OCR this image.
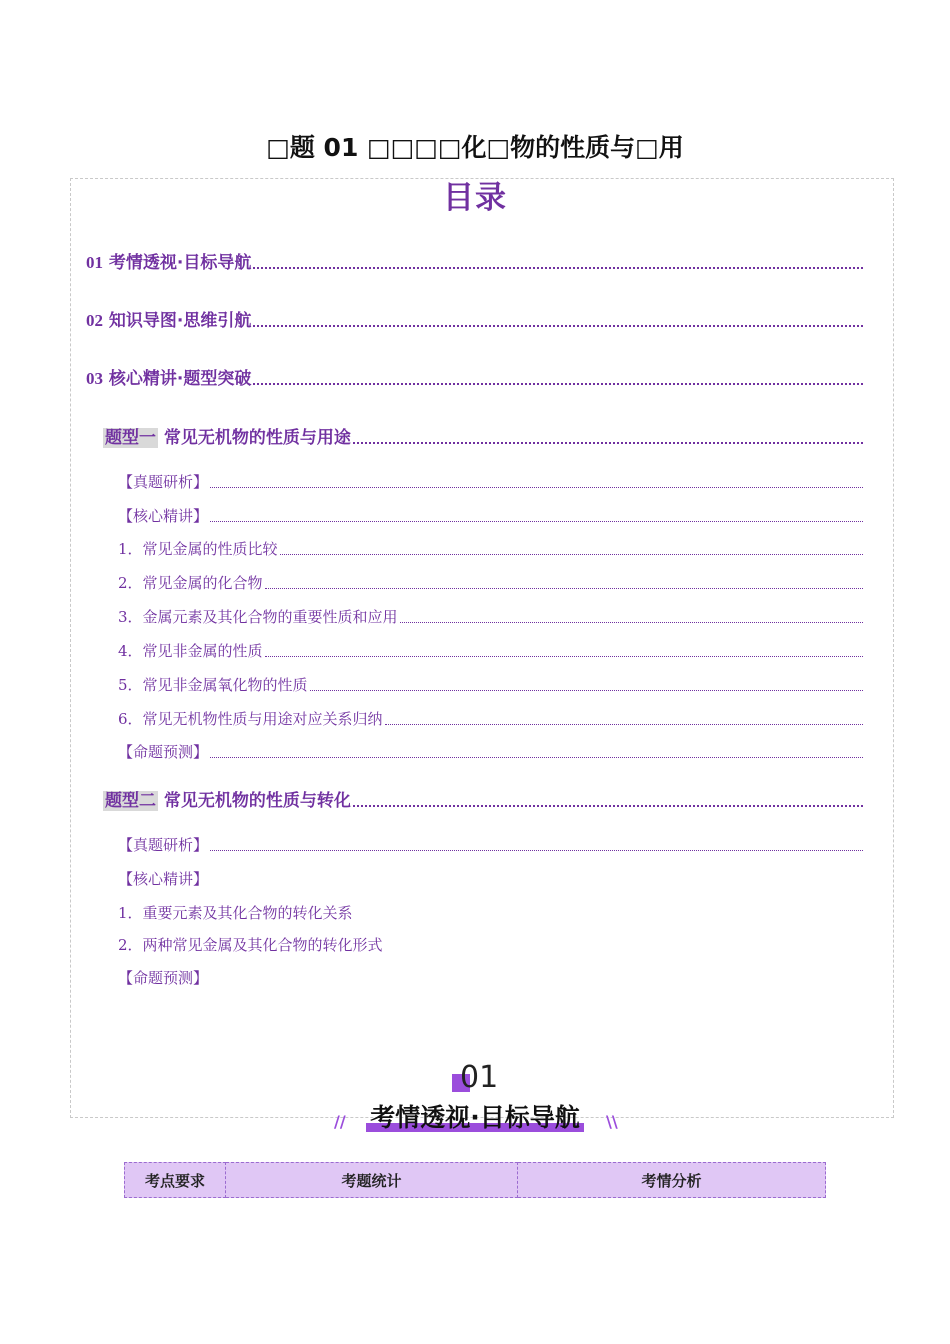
□题 01 □□□□化□物的性质与□用
目录
01 考情透视·目标导航
02 知识导图·思维引航
03 核心精讲·题型突破
题型一 常见无机物的性质与用途
【真题研析】
【核心精讲】
1．常见金属的性质比较
2．常见金属的化合物
3．金属元素及其化合物的重要性质和应用
4．常见非金属的性质
5．常见非金属氧化物的性质
6．常见无机物性质与用途对应关系归纳
【命题预测】
题型二 常见无机物的性质与转化
【真题研析】
【核心精讲】
1．重要元素及其化合物的转化关系
2．两种常见金属及其化合物的转化形式
【命题预测】
01
// 考情透视·目标导航	\\
考点要求	考题统计	考情分析
